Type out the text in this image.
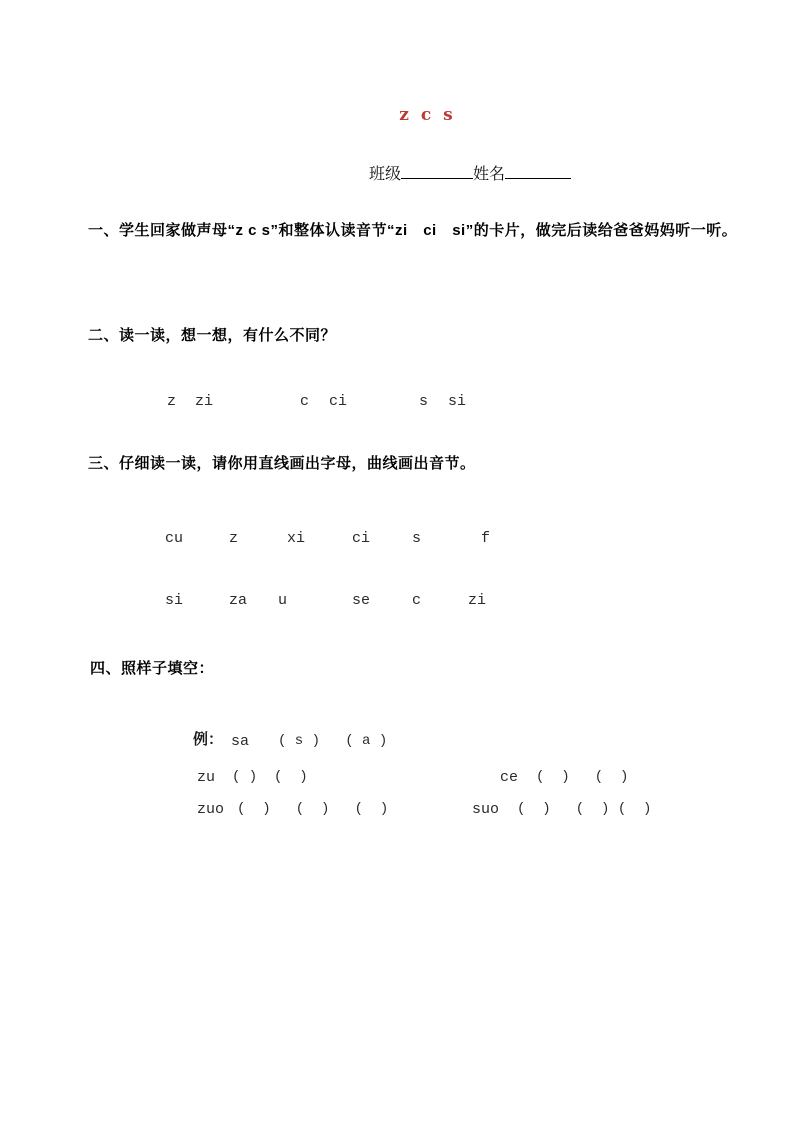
z c s

班级	姓名

一、学生回家做声母“z c s”和整体认读音节“zi　ci　si”的卡片，做完后读给爸爸妈妈听一听。
二、读一读，想一想，有什么不同？
z zi	c ci	s si
三、仔细读一读，请你用直线画出字母，曲线画出音节。
cu	z	xi	ci	s	f
si	za u	se	c	zi
四、照样子填空：
例： sa ( s )   ( a )
zu ( )  (  )	ce (  )   (  )
zuo (  )   (  )   (  )	suo (  )   (  ) (  )
